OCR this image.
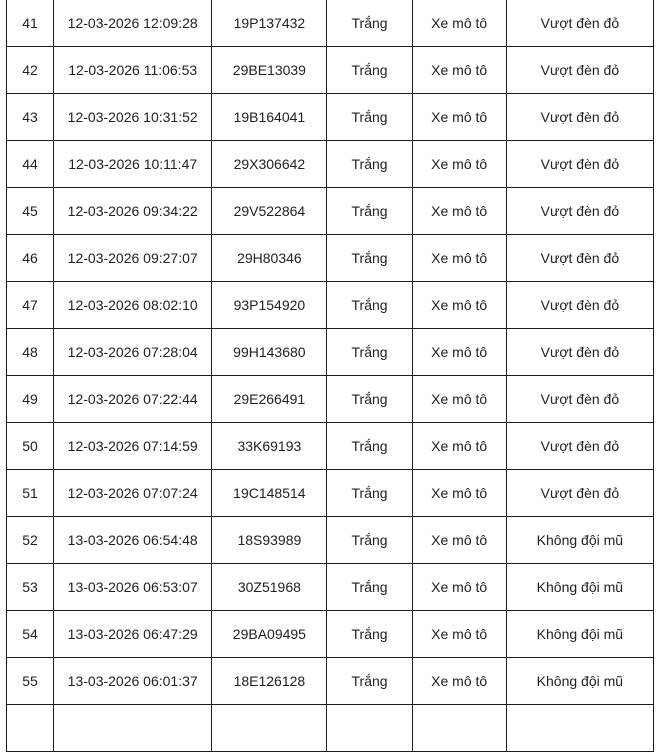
41	12-03-2026 12:09:28	19P137432	Trắng	Xe mô tô	Vượt đèn đỏ
42	12-03-2026 11:06:53	29BE13039	Trắng	Xe mô tô	Vượt đèn đỏ
43	12-03-2026 10:31:52	19B164041	Trắng	Xe mô tô	Vượt đèn đỏ
44	12-03-2026 10:11:47	29X306642	Trắng	Xe mô tô	Vượt đèn đỏ
45	12-03-2026 09:34:22	29V522864	Trắng	Xe mô tô	Vượt đèn đỏ
46	12-03-2026 09:27:07	29H80346	Trắng	Xe mô tô	Vượt đèn đỏ
47	12-03-2026 08:02:10	93P154920	Trắng	Xe mô tô	Vượt đèn đỏ
48	12-03-2026 07:28:04	99H143680	Trắng	Xe mô tô	Vượt đèn đỏ
49	12-03-2026 07:22:44	29E266491	Trắng	Xe mô tô	Vượt đèn đỏ
50	12-03-2026 07:14:59	33K69193	Trắng	Xe mô tô	Vượt đèn đỏ
51	12-03-2026 07:07:24	19C148514	Trắng	Xe mô tô	Vượt đèn đỏ
52	13-03-2026 06:54:48	18S93989	Trắng	Xe mô tô	Không đội mũ
53	13-03-2026 06:53:07	30Z51968	Trắng	Xe mô tô	Không đội mũ
54	13-03-2026 06:47:29	29BA09495	Trắng	Xe mô tô	Không đội mũ
55	13-03-2026 06:01:37	18E126128	Trắng	Xe mô tô	Không đội mũ
